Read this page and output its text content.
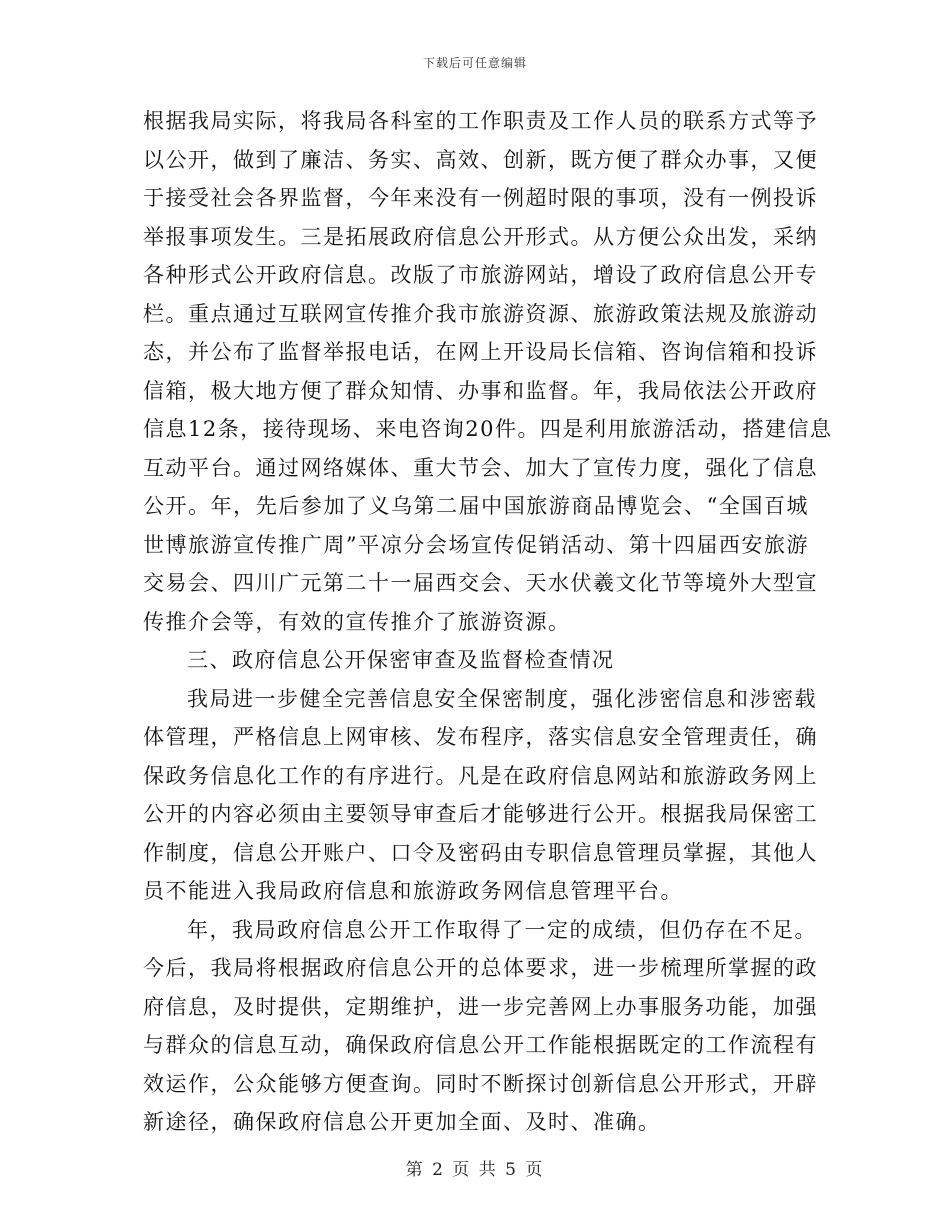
下载后可任意编辑
根据我局实际，将我局各科室的工作职责及工作人员的联系方式等予
以公开，做到了廉洁、务实、高效、创新，既方便了群众办事，又便
于接受社会各界监督，今年来没有一例超时限的事项，没有一例投诉
举报事项发生。三是拓展政府信息公开形式。从方便公众出发，采纳
各种形式公开政府信息。改版了市旅游网站，增设了政府信息公开专
栏。重点通过互联网宣传推介我市旅游资源、旅游政策法规及旅游动
态，并公布了监督举报电话，在网上开设局长信箱、咨询信箱和投诉
信箱，极大地方便了群众知情、办事和监督。年，我局依法公开政府
信息12条，接待现场、来电咨询20件。四是利用旅游活动，搭建信息
互动平台。通过网络媒体、重大节会、加大了宣传力度，强化了信息
公开。年，先后参加了义乌第二届中国旅游商品博览会、“全国百城
世博旅游宣传推广周”平凉分会场宣传促销活动、第十四届西安旅游
交易会、四川广元第二十一届西交会、天水伏羲文化节等境外大型宣
传推介会等，有效的宣传推介了旅游资源。
三、政府信息公开保密审查及监督检查情况
我局进一步健全完善信息安全保密制度，强化涉密信息和涉密载
体管理，严格信息上网审核、发布程序，落实信息安全管理责任，确
保政务信息化工作的有序进行。凡是在政府信息网站和旅游政务网上
公开的内容必须由主要领导审查后才能够进行公开。根据我局保密工
作制度，信息公开账户、口令及密码由专职信息管理员掌握，其他人
员不能进入我局政府信息和旅游政务网信息管理平台。
年，我局政府信息公开工作取得了一定的成绩，但仍存在不足。
今后，我局将根据政府信息公开的总体要求，进一步梳理所掌握的政
府信息，及时提供，定期维护，进一步完善网上办事服务功能，加强
与群众的信息互动，确保政府信息公开工作能根据既定的工作流程有
效运作，公众能够方便查询。同时不断探讨创新信息公开形式，开辟
新途径，确保政府信息公开更加全面、及时、准确。
第 2 页 共 5 页
